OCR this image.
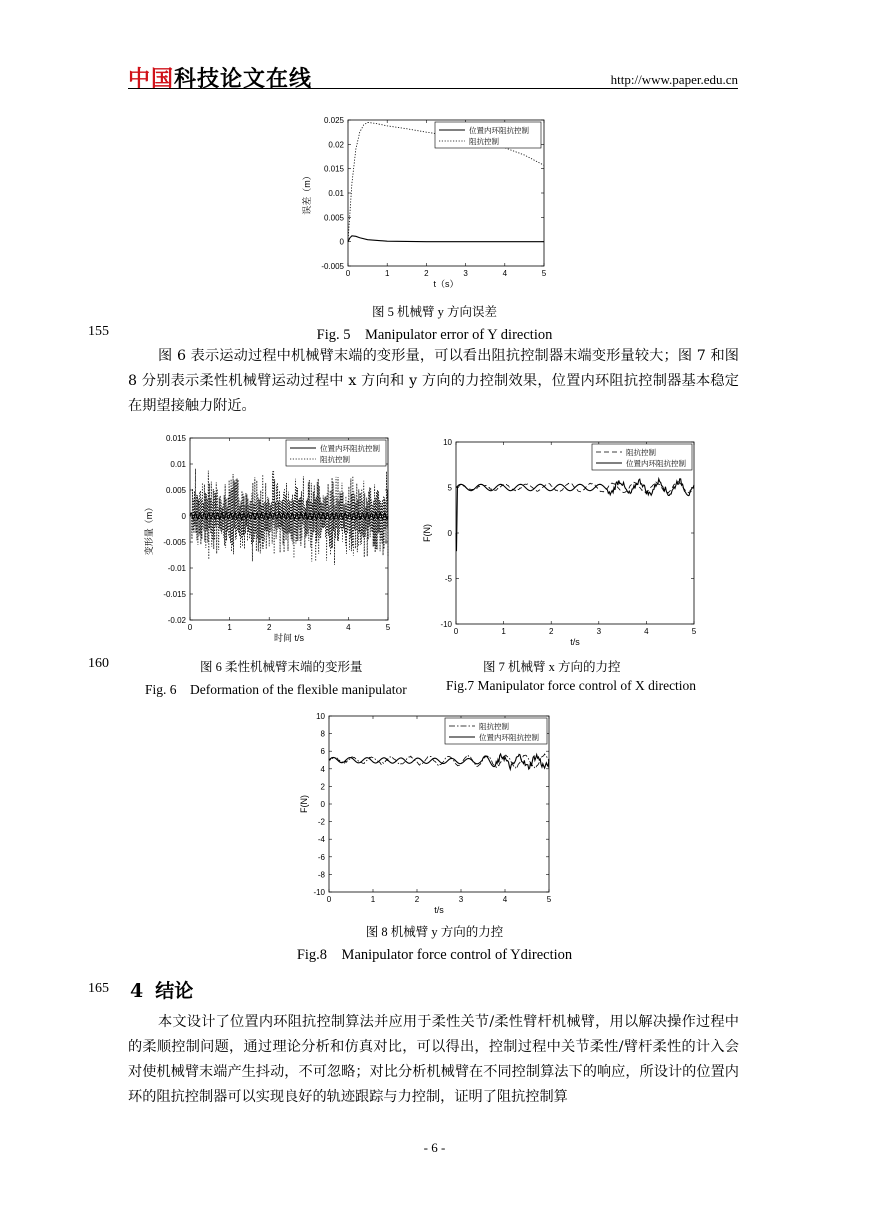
中国科技论文在线	http://www.paper.edu.cn
0	1	2	3	4	5
-0.005
0
0.005
0.01
0.015
0.02
0.025
t（s）
误差（m）
位置内环阻抗控制
阻抗控制
图 5 机械臂 y 方向误差
155	Fig. 5　Manipulator error of Y direction

图 6 表示运动过程中机械臂末端的变形量，可以看出阻抗控制器末端变形量较大；图 7 和图 8 分别表示柔性机械臂运动过程中 x 方向和 y 方向的力控制效果，位置内环阻抗控制器基本稳定在期望接触力附近。

0	1	2	3	4	5
-0.02
-0.015
-0.01
-0.005
0
0.005
0.01
0.015
时间 t/s
变形量（m）
位置内环阻抗控制
阻抗控制
0	1	2	3	4	5
-10
-5
0
5
10
t/s
F(N)
阻抗控制
位置内环阻抗控制
160	图 6 柔性机械臂末端的变形量	图 7 机械臂 x 方向的力控
Fig. 6　Deformation of the flexible manipulator	Fig.7 Manipulator force control of X direction
0	1	2	3	4	5
-10
-8
-6
-4
-2
0
2
4
6
8
10
t/s
F(N)
阻抗控制
位置内环阻抗控制
图 8 机械臂 y 方向的力控
Fig.8　Manipulator force control of Ydirection
165 4 结论

本文设计了位置内环阻抗控制算法并应用于柔性关节/柔性臂杆机械臂，用以解决操作过程中的柔顺控制问题，通过理论分析和仿真对比，可以得出，控制过程中关节柔性/臂杆柔性的计入会对使机械臂末端产生抖动，不可忽略；对比分析机械臂在不同控制算法下的响应，所设计的位置内环的阻抗控制器可以实现良好的轨迹跟踪与力控制，证明了阻抗控制算

- 6 -
